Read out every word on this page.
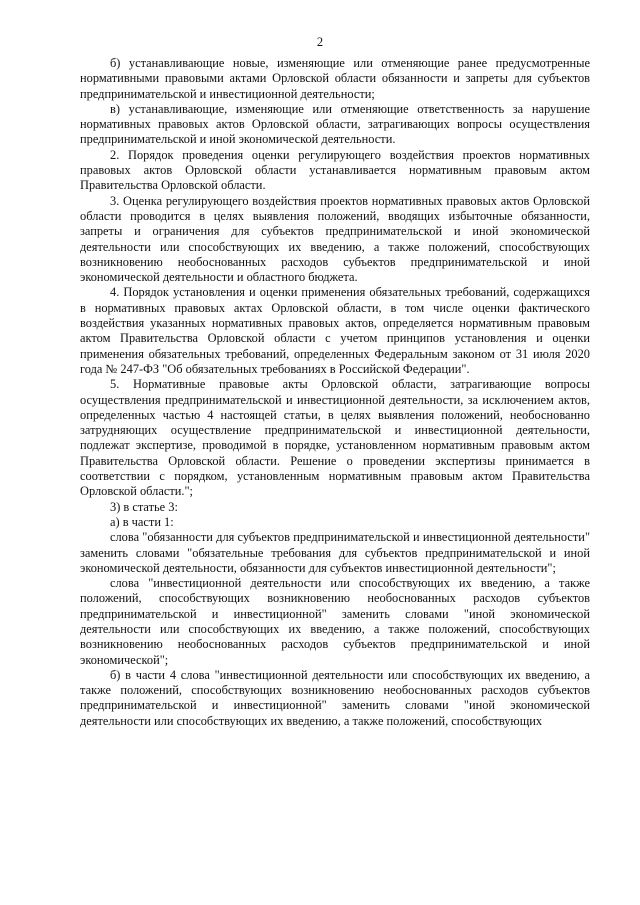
2

б) устанавливающие новые, изменяющие или отменяющие ранее предусмотренные нормативными правовыми актами Орловской области обязанности и запреты для субъектов предпринимательской и инвестиционной деятельности;

в) устанавливающие, изменяющие или отменяющие ответственность за нарушение нормативных правовых актов Орловской области, затрагивающих вопросы осуществления предпринимательской и иной экономической деятельности.

2. Порядок проведения оценки регулирующего воздействия проектов нормативных правовых актов Орловской области устанавливается нормативным правовым актом Правительства Орловской области.

3. Оценка регулирующего воздействия проектов нормативных правовых актов Орловской области проводится в целях выявления положений, вводящих избыточные обязанности, запреты и ограничения для субъектов предпринимательской и иной экономической деятельности или способствующих их введению, а также положений, способствующих возникновению необоснованных расходов субъектов предпринимательской и иной экономической деятельности и областного бюджета.

4. Порядок установления и оценки применения обязательных требований, содержащихся в нормативных правовых актах Орловской области, в том числе оценки фактического воздействия указанных нормативных правовых актов, определяется нормативным правовым актом Правительства Орловской области с учетом принципов установления и оценки применения обязательных требований, определенных Федеральным законом от 31 июля 2020 года № 247-ФЗ "Об обязательных требованиях в Российской Федерации".

5. Нормативные правовые акты Орловской области, затрагивающие вопросы осуществления предпринимательской и инвестиционной деятельности, за исключением актов, определенных частью 4 настоящей статьи, в целях выявления положений, необоснованно затрудняющих осуществление предпринимательской и инвестиционной деятельности, подлежат экспертизе, проводимой в порядке, установленном нормативным правовым актом Правительства Орловской области. Решение о проведении экспертизы принимается в соответствии с порядком, установленным нормативным правовым актом Правительства Орловской области.";

3) в статье 3:

а) в части 1:

слова "обязанности для субъектов предпринимательской и инвестиционной деятельности" заменить словами "обязательные требования для субъектов предпринимательской и иной экономической деятельности, обязанности для субъектов инвестиционной деятельности";

слова "инвестиционной деятельности или способствующих их введению, а также положений, способствующих возникновению необоснованных расходов субъектов предпринимательской и инвестиционной" заменить словами "иной экономической деятельности или способствующих их введению, а также положений, способствующих возникновению необоснованных расходов субъектов предпринимательской и иной экономической";

б) в части 4 слова "инвестиционной деятельности или способствующих их введению, а также положений, способствующих возникновению необоснованных расходов субъектов предпринимательской и инвестиционной" заменить словами "иной экономической деятельности или способствующих их введению, а также положений, способствующих
